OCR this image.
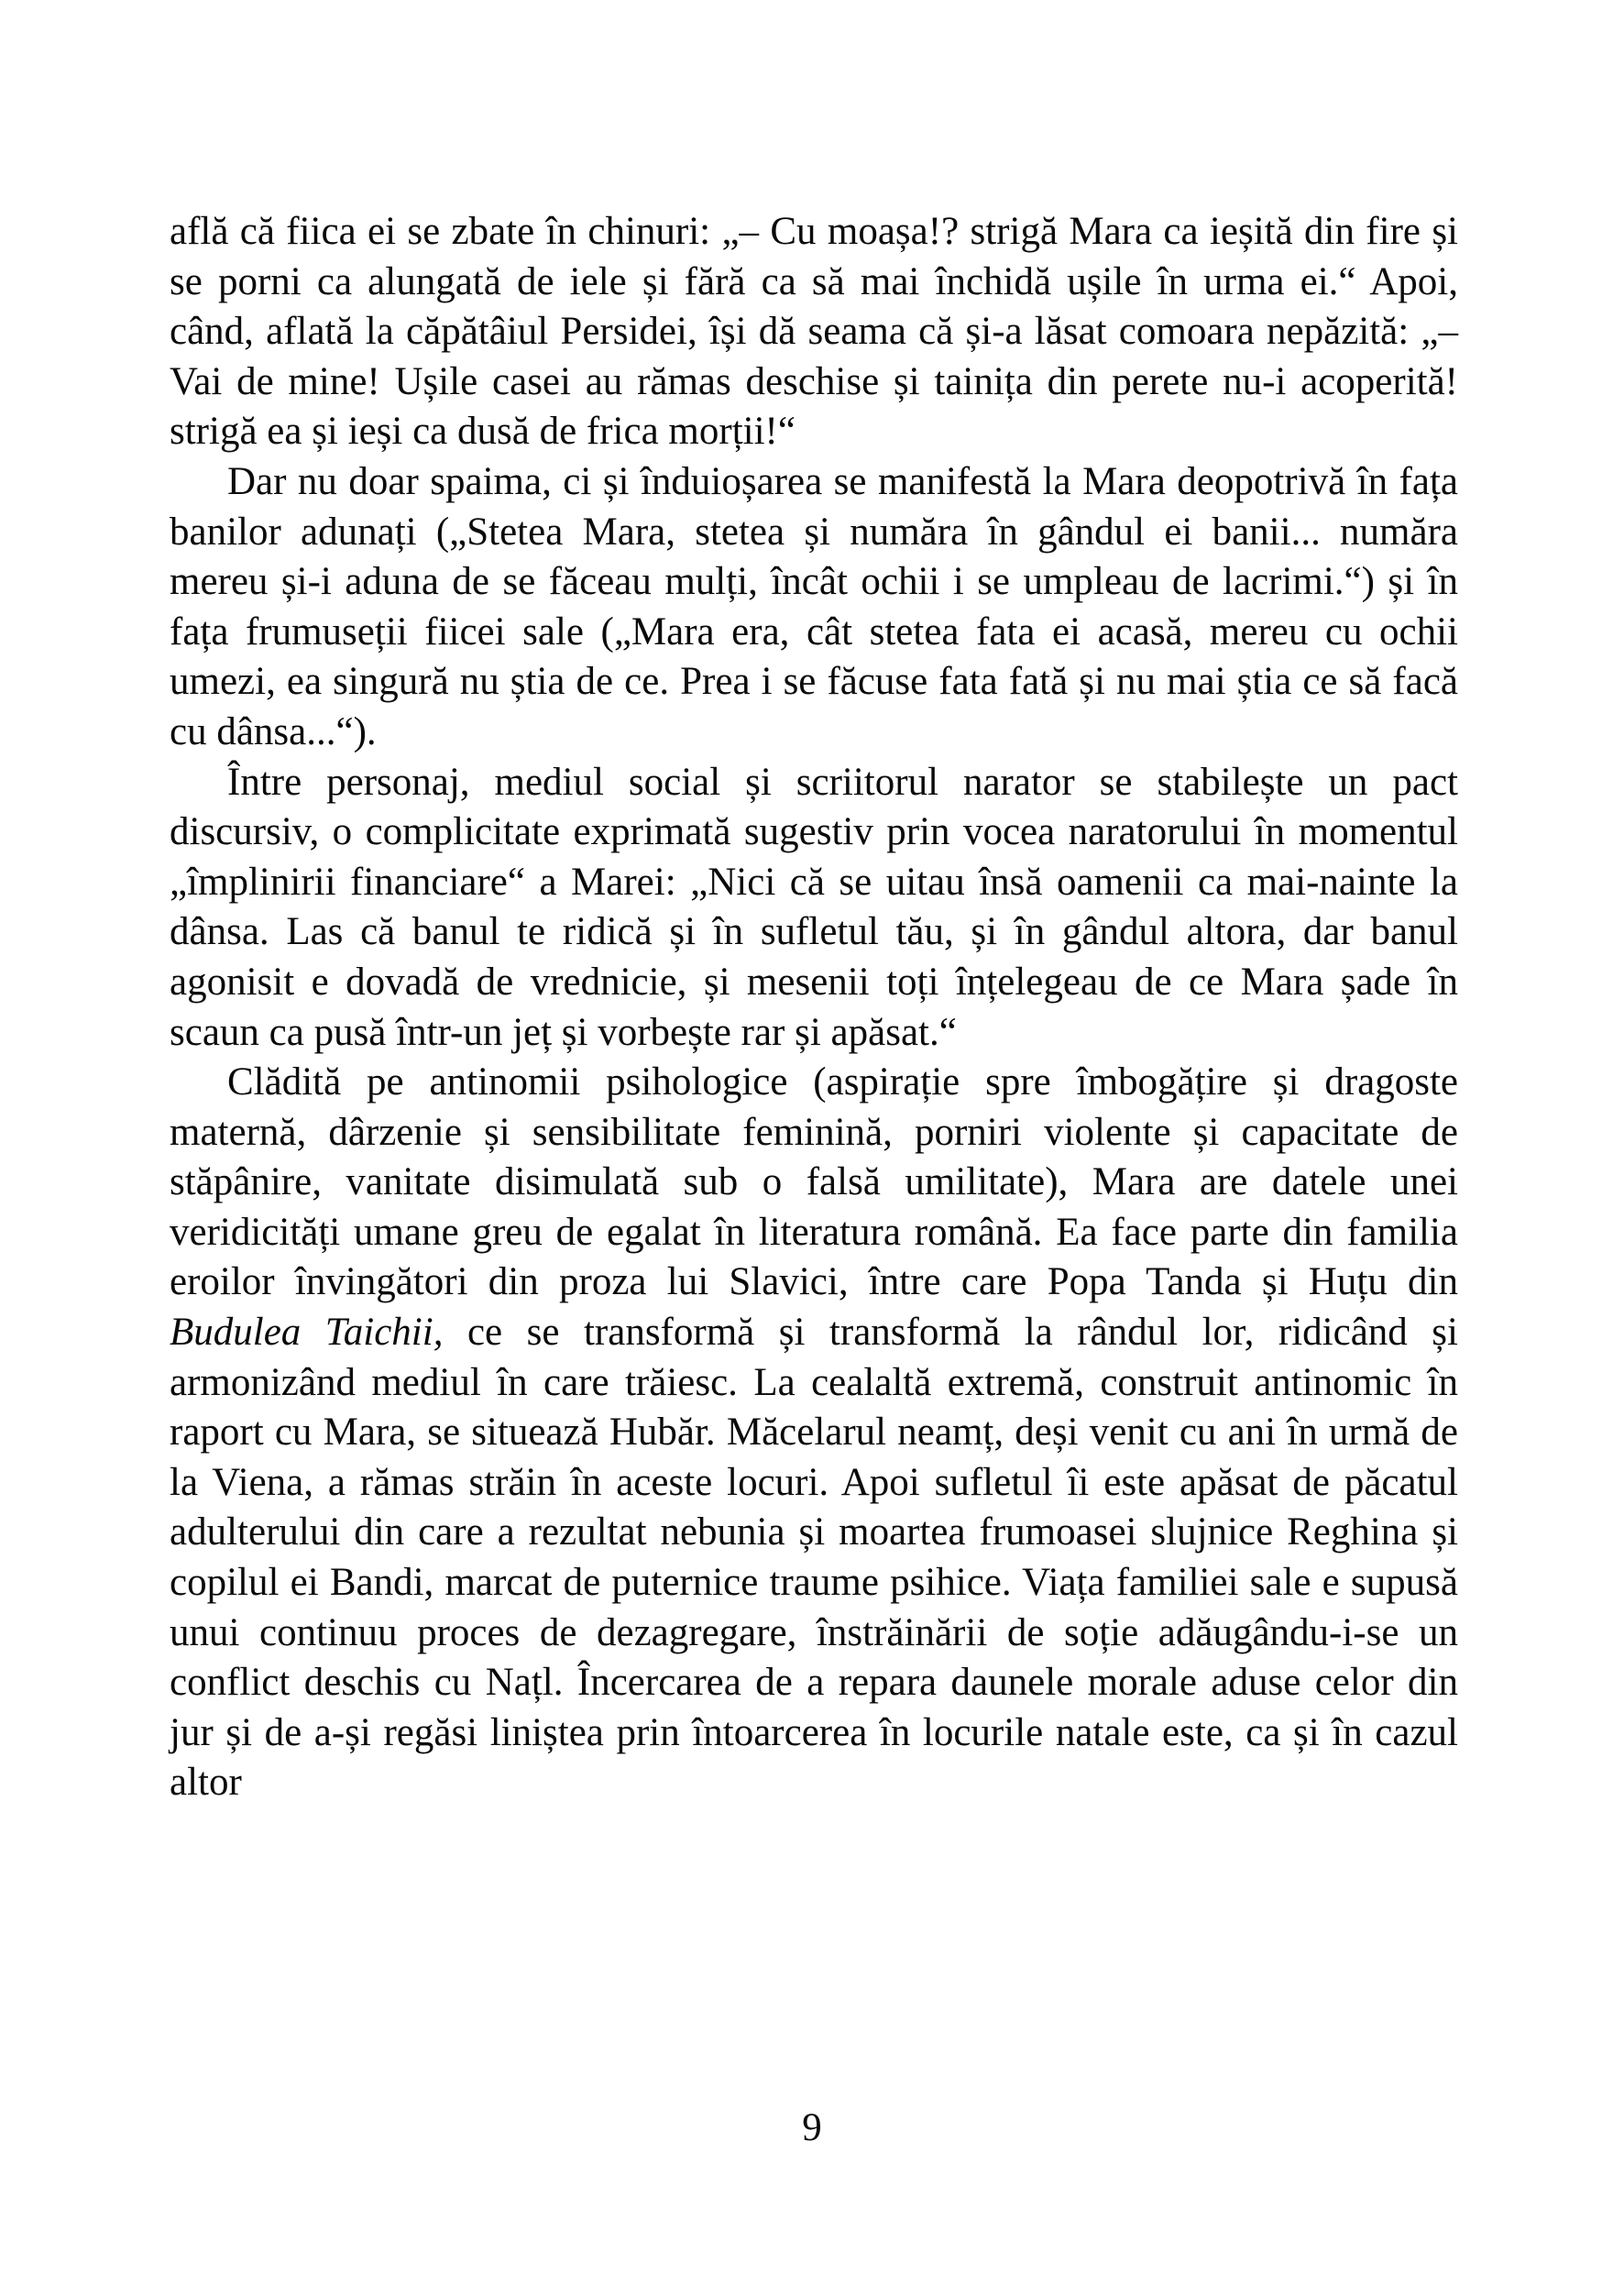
află că fiica ei se zbate în chinuri: „– Cu moașa!? strigă Mara ca ieșită din fire și se porni ca alungată de iele și fără ca să mai închidă ușile în urma ei.“ Apoi, când, aflată la căpătâiul Persidei, își dă seama că și-a lăsat comoara nepăzită: „– Vai de mine! Ușile casei au rămas deschise și tainița din perete nu-i acoperită! strigă ea și ieși ca dusă de frica morții!“

Dar nu doar spaima, ci și înduioșarea se manifestă la Mara deopotrivă în fața banilor adunați („Stetea Mara, stetea și număra în gândul ei banii... număra mereu și-i aduna de se făceau mulți, încât ochii i se umpleau de lacrimi.“) și în fața frumuseții fiicei sale („Mara era, cât stetea fata ei acasă, mereu cu ochii umezi, ea singură nu știa de ce. Prea i se făcuse fata fată și nu mai știa ce să facă cu dânsa...“).

Între personaj, mediul social și scriitorul narator se stabilește un pact discursiv, o complicitate exprimată sugestiv prin vocea naratorului în momentul „împlinirii financiare“ a Marei: „Nici că se uitau însă oamenii ca mai-nainte la dânsa. Las că banul te ridică și în sufletul tău, și în gândul altora, dar banul agonisit e dovadă de vrednicie, și mesenii toți înțelegeau de ce Mara șade în scaun ca pusă într-un jeț și vorbește rar și apăsat.“

Clădită pe antinomii psihologice (aspirație spre îmbogățire și dragoste maternă, dârzenie și sensibilitate feminină, porniri violente și capacitate de stăpânire, vanitate disimulată sub o falsă umilitate), Mara are datele unei veridicități umane greu de egalat în literatura română. Ea face parte din familia eroilor învingători din proza lui Slavici, între care Popa Tanda și Huțu din Budulea Taichii, ce se transformă și transformă la rândul lor, ridicând și armonizând mediul în care trăiesc. La cealaltă extremă, construit antinomic în raport cu Mara, se situează Hubăr. Măcelarul neamț, deși venit cu ani în urmă de la Viena, a rămas străin în aceste locuri. Apoi sufletul îi este apăsat de păcatul adulterului din care a rezultat nebunia și moartea frumoasei slujnice Reghina și copilul ei Bandi, marcat de puternice traume psihice. Viața familiei sale e supusă unui continuu proces de dezagregare, înstrăinării de soție adăugându-i-se un conflict deschis cu Națl. Încercarea de a repara daunele morale aduse celor din jur și de a-și regăsi liniștea prin întoarcerea în locurile natale este, ca și în cazul altor

9
